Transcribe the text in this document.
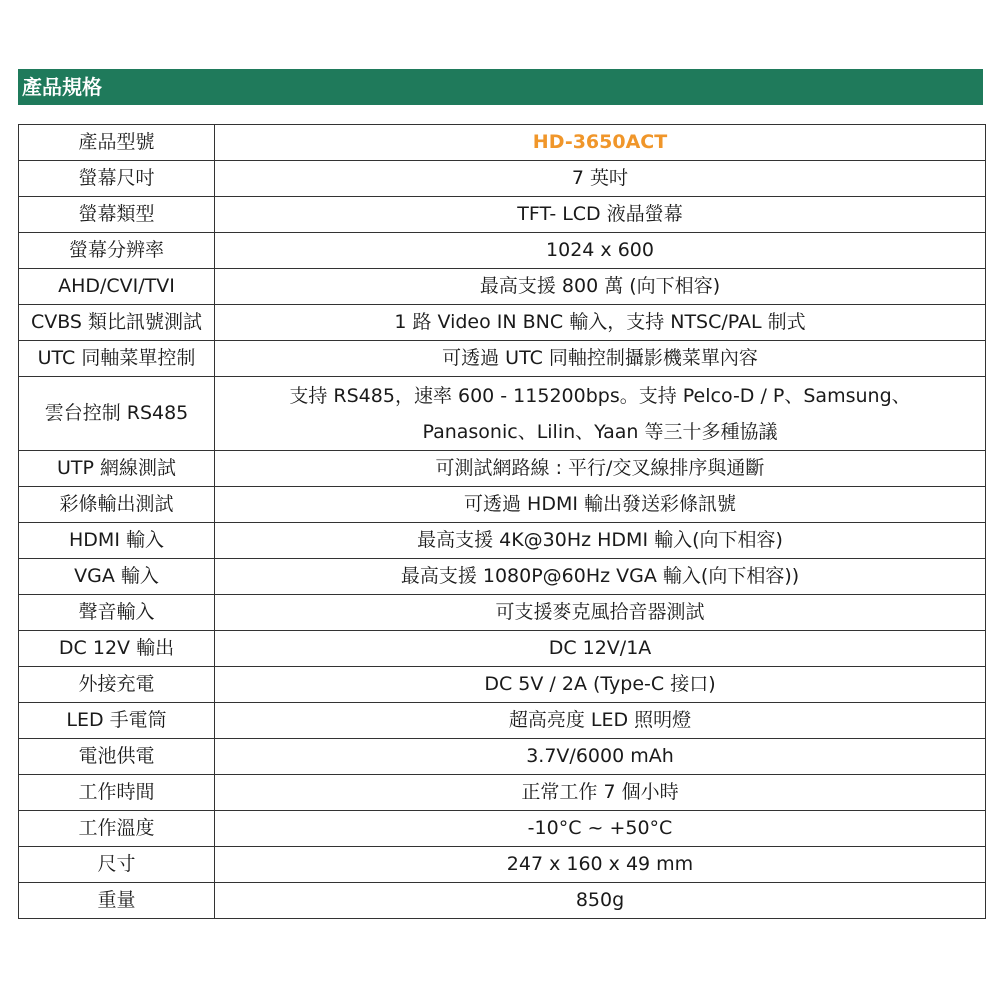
產品規格
產品型號	HD-3650ACT
螢幕尺吋	7 英吋
螢幕類型	TFT- LCD 液晶螢幕
螢幕分辨率	1024 x 600
AHD/CVI/TVI	最高支援 800 萬 (向下相容)
CVBS 類比訊號測試	1 路 Video IN BNC 輸入，支持 NTSC/PAL 制式
UTC 同軸菜單控制	可透過 UTC 同軸控制攝影機菜單內容
雲台控制 RS485	支持 RS485，速率 600 - 115200bps。支持 Pelco-D / P、Samsung、
Panasonic、Lilin、Yaan 等三十多種協議

UTP 網線測試	可測試網路線 : 平行/交叉線排序與通斷
彩條輸出測試	可透過 HDMI 輸出發送彩條訊號
HDMI 輸入	最高支援 4K@30Hz HDMI 輸入(向下相容)
VGA 輸入	最高支援 1080P@60Hz VGA 輸入(向下相容))
聲音輸入	可支援麥克風拾音器測試
DC 12V 輸出	DC 12V/1A
外接充電	DC 5V / 2A (Type-C 接口)
LED 手電筒	超高亮度 LED 照明燈
電池供電	3.7V/6000 mAh
工作時間	正常工作 7 個小時
工作溫度	-10°C ~ +50°C
尺寸	247 x 160 x 49 mm
重量	850g
